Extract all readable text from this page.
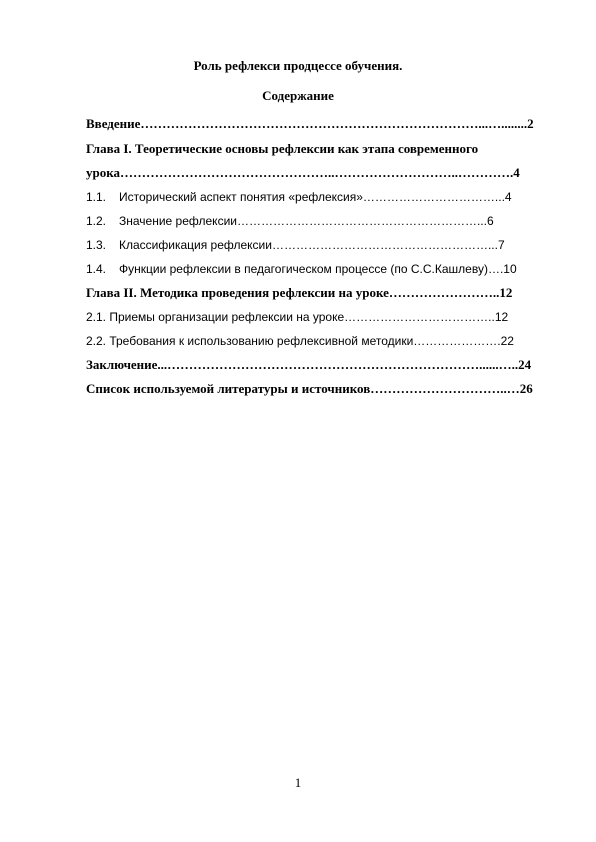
Роль рефлекси продцессе обучения.
Содержание
Введение……………………………………………………………………...…........2
Глава I. Теоретические основы рефлексии как этапа современного
урока…………………………………………..………………………..………….4
1.1. Исторический аспект понятия «рефлексия»……………………………...4
1.2. Значение рефлексии……………………………………………………...6
1.3. Классификация рефлексии………………………………………………...7
1.4. Функции рефлексии в педагогическом процессе (по С.С.Кашлеву)….10
Глава II. Методика проведения рефлексии на уроке……………………..12
2.1. Приемы организации рефлексии на уроке………………………………..12
2.2. Требования к использованию рефлексивной методики………………….22
Заключение...………………………………………………………………......…..24
Список используемой литературы и источников…………………………..…26
1
